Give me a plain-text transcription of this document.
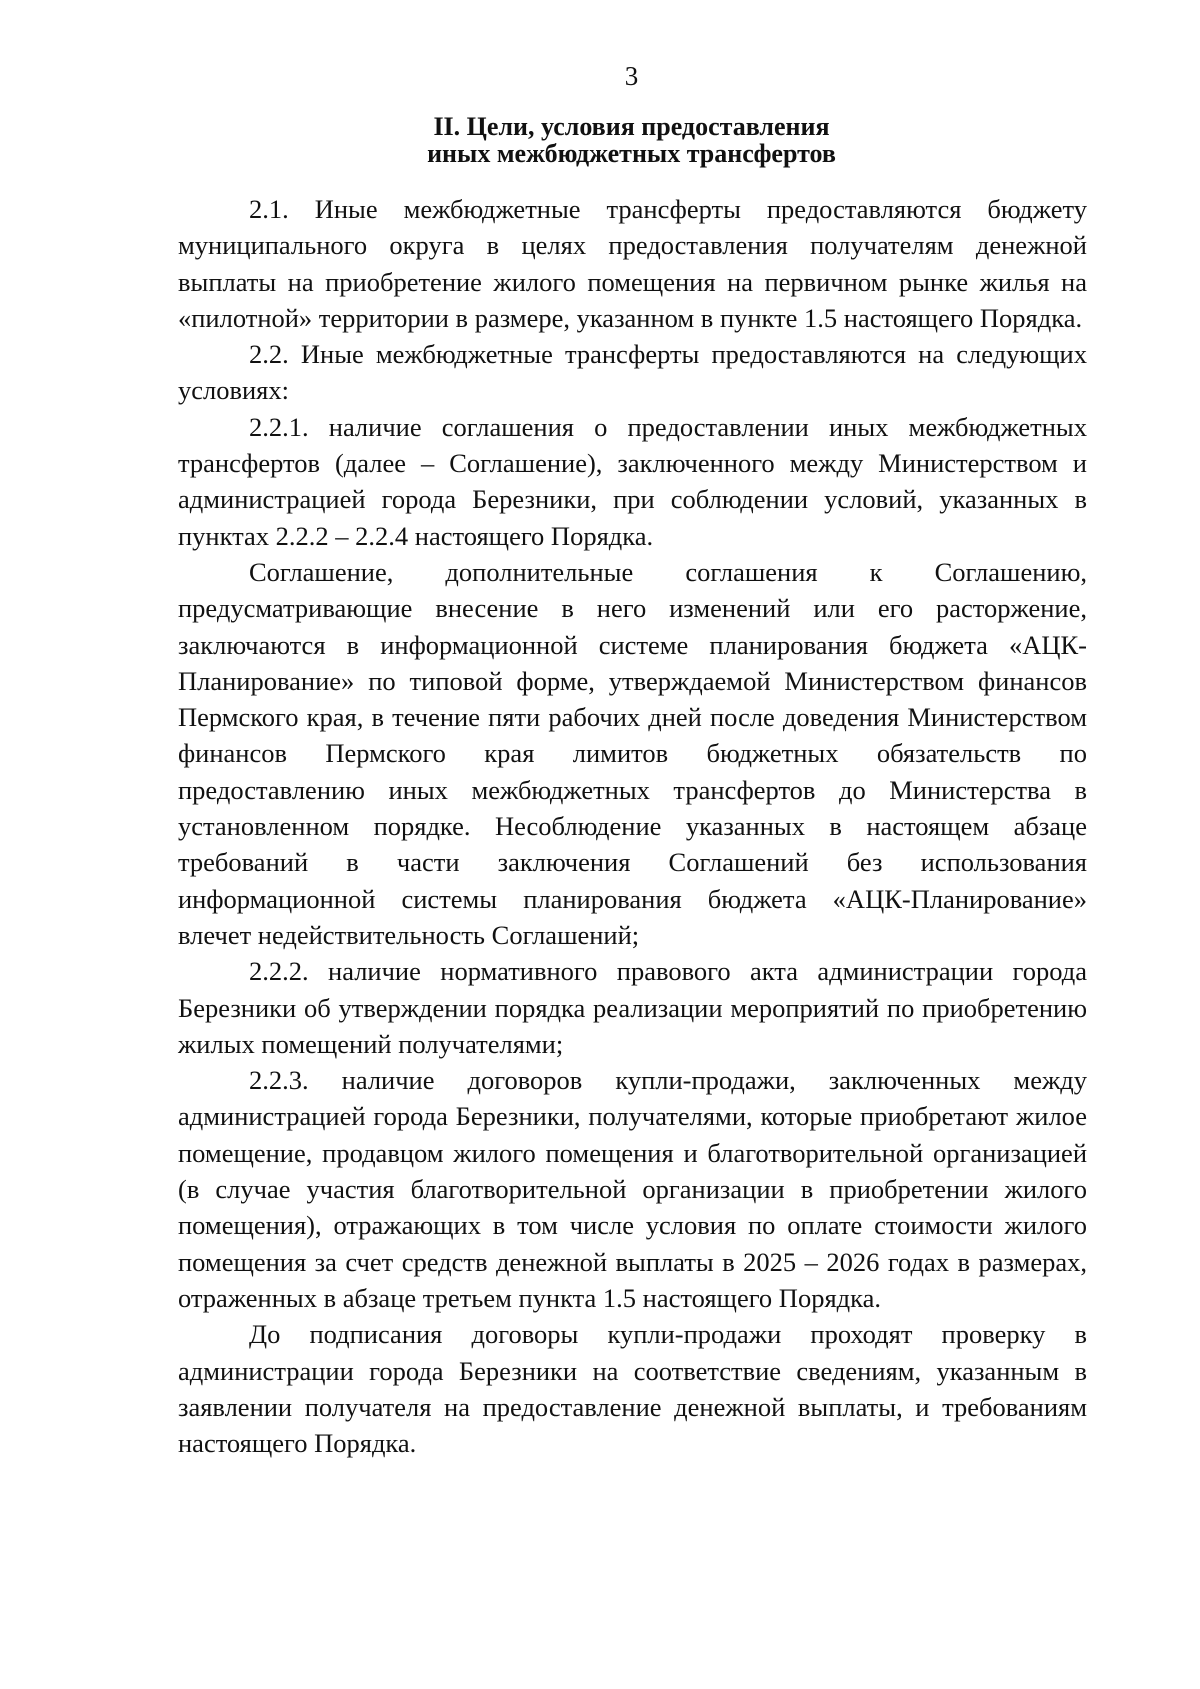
3
II. Цели, условия предоставления
иных межбюджетных трансфертов

2.1. Иные межбюджетные трансферты предоставляются бюджету муниципального округа в целях предоставления получателям денежной выплаты на приобретение жилого помещения на первичном рынке жилья на «пилотной» территории в размере, указанном в пункте 1.5 настоящего Порядка.

2.2. Иные межбюджетные трансферты предоставляются на следующих условиях:

2.2.1. наличие соглашения о предоставлении иных межбюджетных трансфертов (далее – Соглашение), заключенного между Министерством и администрацией города Березники, при соблюдении условий, указанных в пунктах 2.2.2 – 2.2.4 настоящего Порядка.

Соглашение, дополнительные соглашения к Соглашению, предусматривающие внесение в него изменений или его расторжение, заключаются в информационной системе планирования бюджета «АЦК-Планирование» по типовой форме, утверждаемой Министерством финансов Пермского края, в течение пяти рабочих дней после доведения Министерством финансов Пермского края лимитов бюджетных обязательств по предоставлению иных межбюджетных трансфертов до Министерства в установленном порядке. Несоблюдение указанных в настоящем абзаце требований в части заключения Соглашений без использования информационной системы планирования бюджета «АЦК-Планирование» влечет недействительность Соглашений;

2.2.2. наличие нормативного правового акта администрации города Березники об утверждении порядка реализации мероприятий по приобретению жилых помещений получателями;

2.2.3. наличие договоров купли-продажи, заключенных между администрацией города Березники, получателями, которые приобретают жилое помещение, продавцом жилого помещения и благотворительной организацией (в случае участия благотворительной организации в приобретении жилого помещения), отражающих в том числе условия по оплате стоимости жилого помещения за счет средств денежной выплаты в 2025 – 2026 годах в размерах, отраженных в абзаце третьем пункта 1.5 настоящего Порядка.

До подписания договоры купли-продажи проходят проверку в администрации города Березники на соответствие сведениям, указанным в заявлении получателя на предоставление денежной выплаты, и требованиям настоящего Порядка.
